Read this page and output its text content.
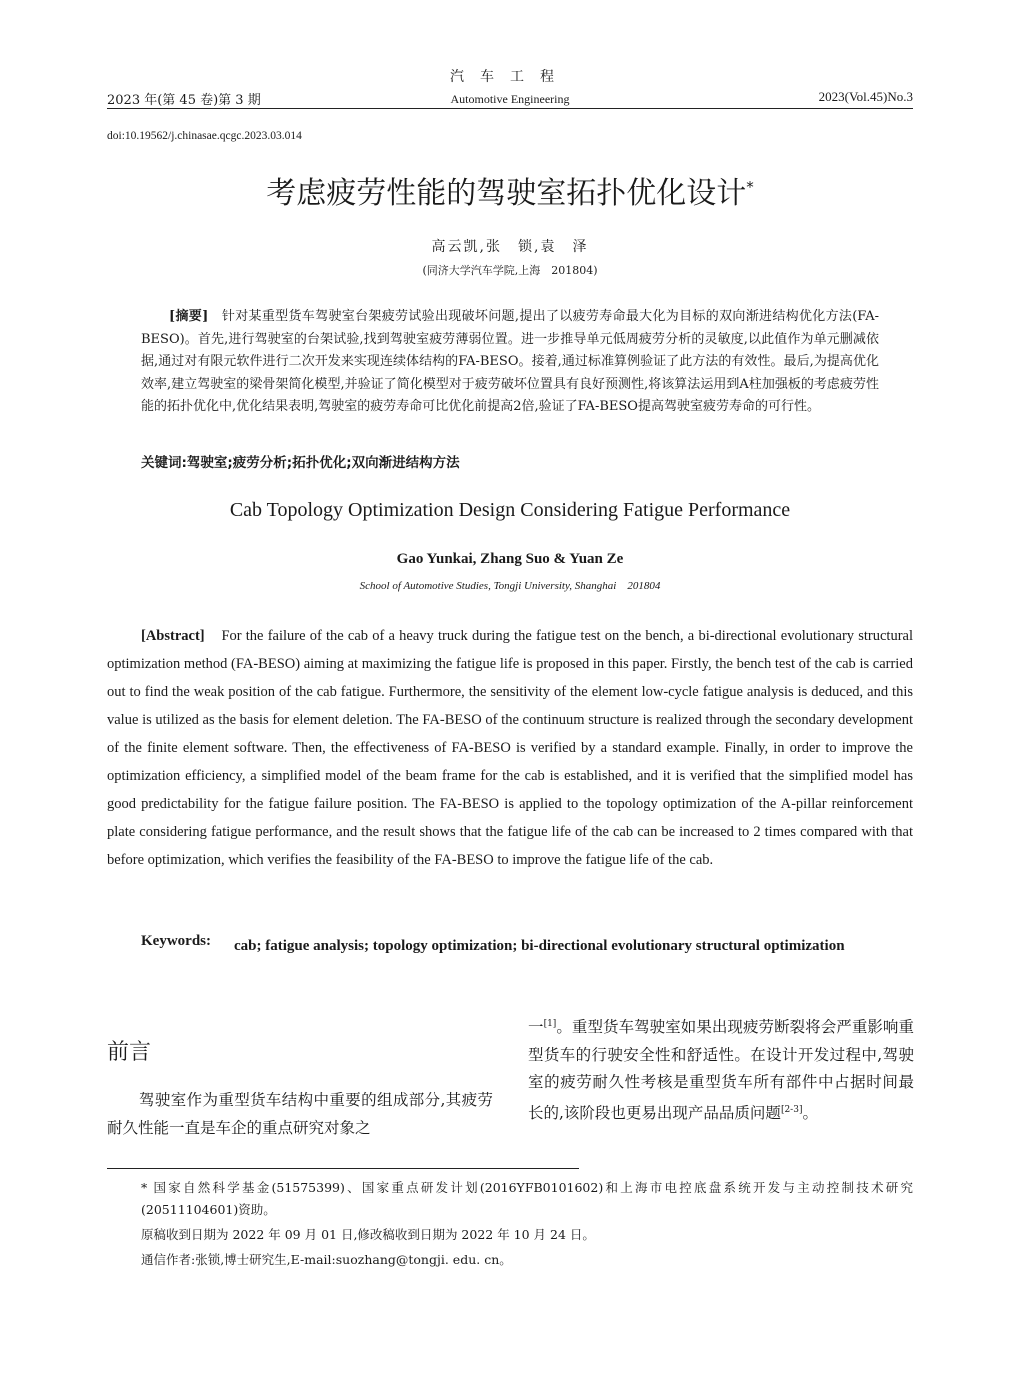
汽车工程
2023 年(第 45 卷)第 3 期	Automotive Engineering	2023(Vol.45)No.3
doi:10.19562/j.chinasae.qcgc.2023.03.014
考虑疲劳性能的驾驶室拓扑优化设计*
高云凯,张　锁,袁　泽
(同济大学汽车学院,上海　201804)
[摘要]　 针对某重型货车驾驶室台架疲劳试验出现破坏问题,提出了以疲劳寿命最大化为目标的双向渐进结构优化方法(FA-BESO)。首先,进行驾驶室的台架试验,找到驾驶室疲劳薄弱位置。进一步推导单元低周疲劳分析的灵敏度,以此值作为单元删减依据,通过对有限元软件进行二次开发来实现连续体结构的FA-BESO。接着,通过标准算例验证了此方法的有效性。最后,为提高优化效率,建立驾驶室的梁骨架简化模型,并验证了简化模型对于疲劳破坏位置具有良好预测性,将该算法运用到A柱加强板的考虑疲劳性能的拓扑优化中,优化结果表明,驾驶室的疲劳寿命可比优化前提高2倍,验证了FA-BESO提高驾驶室疲劳寿命的可行性。
关键词:驾驶室;疲劳分析;拓扑优化;双向渐进结构方法
Cab Topology Optimization Design Considering Fatigue Performance
Gao Yunkai, Zhang Suo & Yuan Ze
School of Automotive Studies, Tongji University, Shanghai　201804
[Abstract] For the failure of the cab of a heavy truck during the fatigue test on the bench, a bi-directional evolutionary structural optimization method (FA-BESO) aiming at maximizing the fatigue life is proposed in this paper. Firstly, the bench test of the cab is carried out to find the weak position of the cab fatigue. Furthermore, the sensitivity of the element low-cycle fatigue analysis is deduced, and this value is utilized as the basis for element deletion. The FA-BESO of the continuum structure is realized through the secondary development of the finite element software. Then, the effectiveness of FA-BESO is verified by a standard example. Finally, in order to improve the optimization efficiency, a simplified model of the beam frame for the cab is established, and it is verified that the simplified model has good predictability for the fatigue failure position. The FA-BESO is applied to the topology optimization of the A-pillar reinforcement plate considering fatigue performance, and the result shows that the fatigue life of the cab can be increased to 2 times compared with that before optimization, which verifies the feasibility of the FA-BESO to improve the fatigue life of the cab.
Keywords: cab; fatigue analysis; topology optimization; bi-directional evolutionary structural optimization
前言
驾驶室作为重型货车结构中重要的组成部分,其疲劳耐久性能一直是车企的重点研究对象之
一[1]。重型货车驾驶室如果出现疲劳断裂将会严重影响重型货车的行驶安全性和舒适性。在设计开发过程中,驾驶室的疲劳耐久性考核是重型货车所有部件中占据时间最长的,该阶段也更易出现产品品质问题[2-3]。
* 国家自然科学基金(51575399)、国家重点研发计划(2016YFB0101602)和上海市电控底盘系统开发与主动控制技术研究(20511104601)资助。
原稿收到日期为 2022 年 09 月 01 日,修改稿收到日期为 2022 年 10 月 24 日。
通信作者:张锁,博士研究生,E-mail:suozhang@tongji. edu. cn。
